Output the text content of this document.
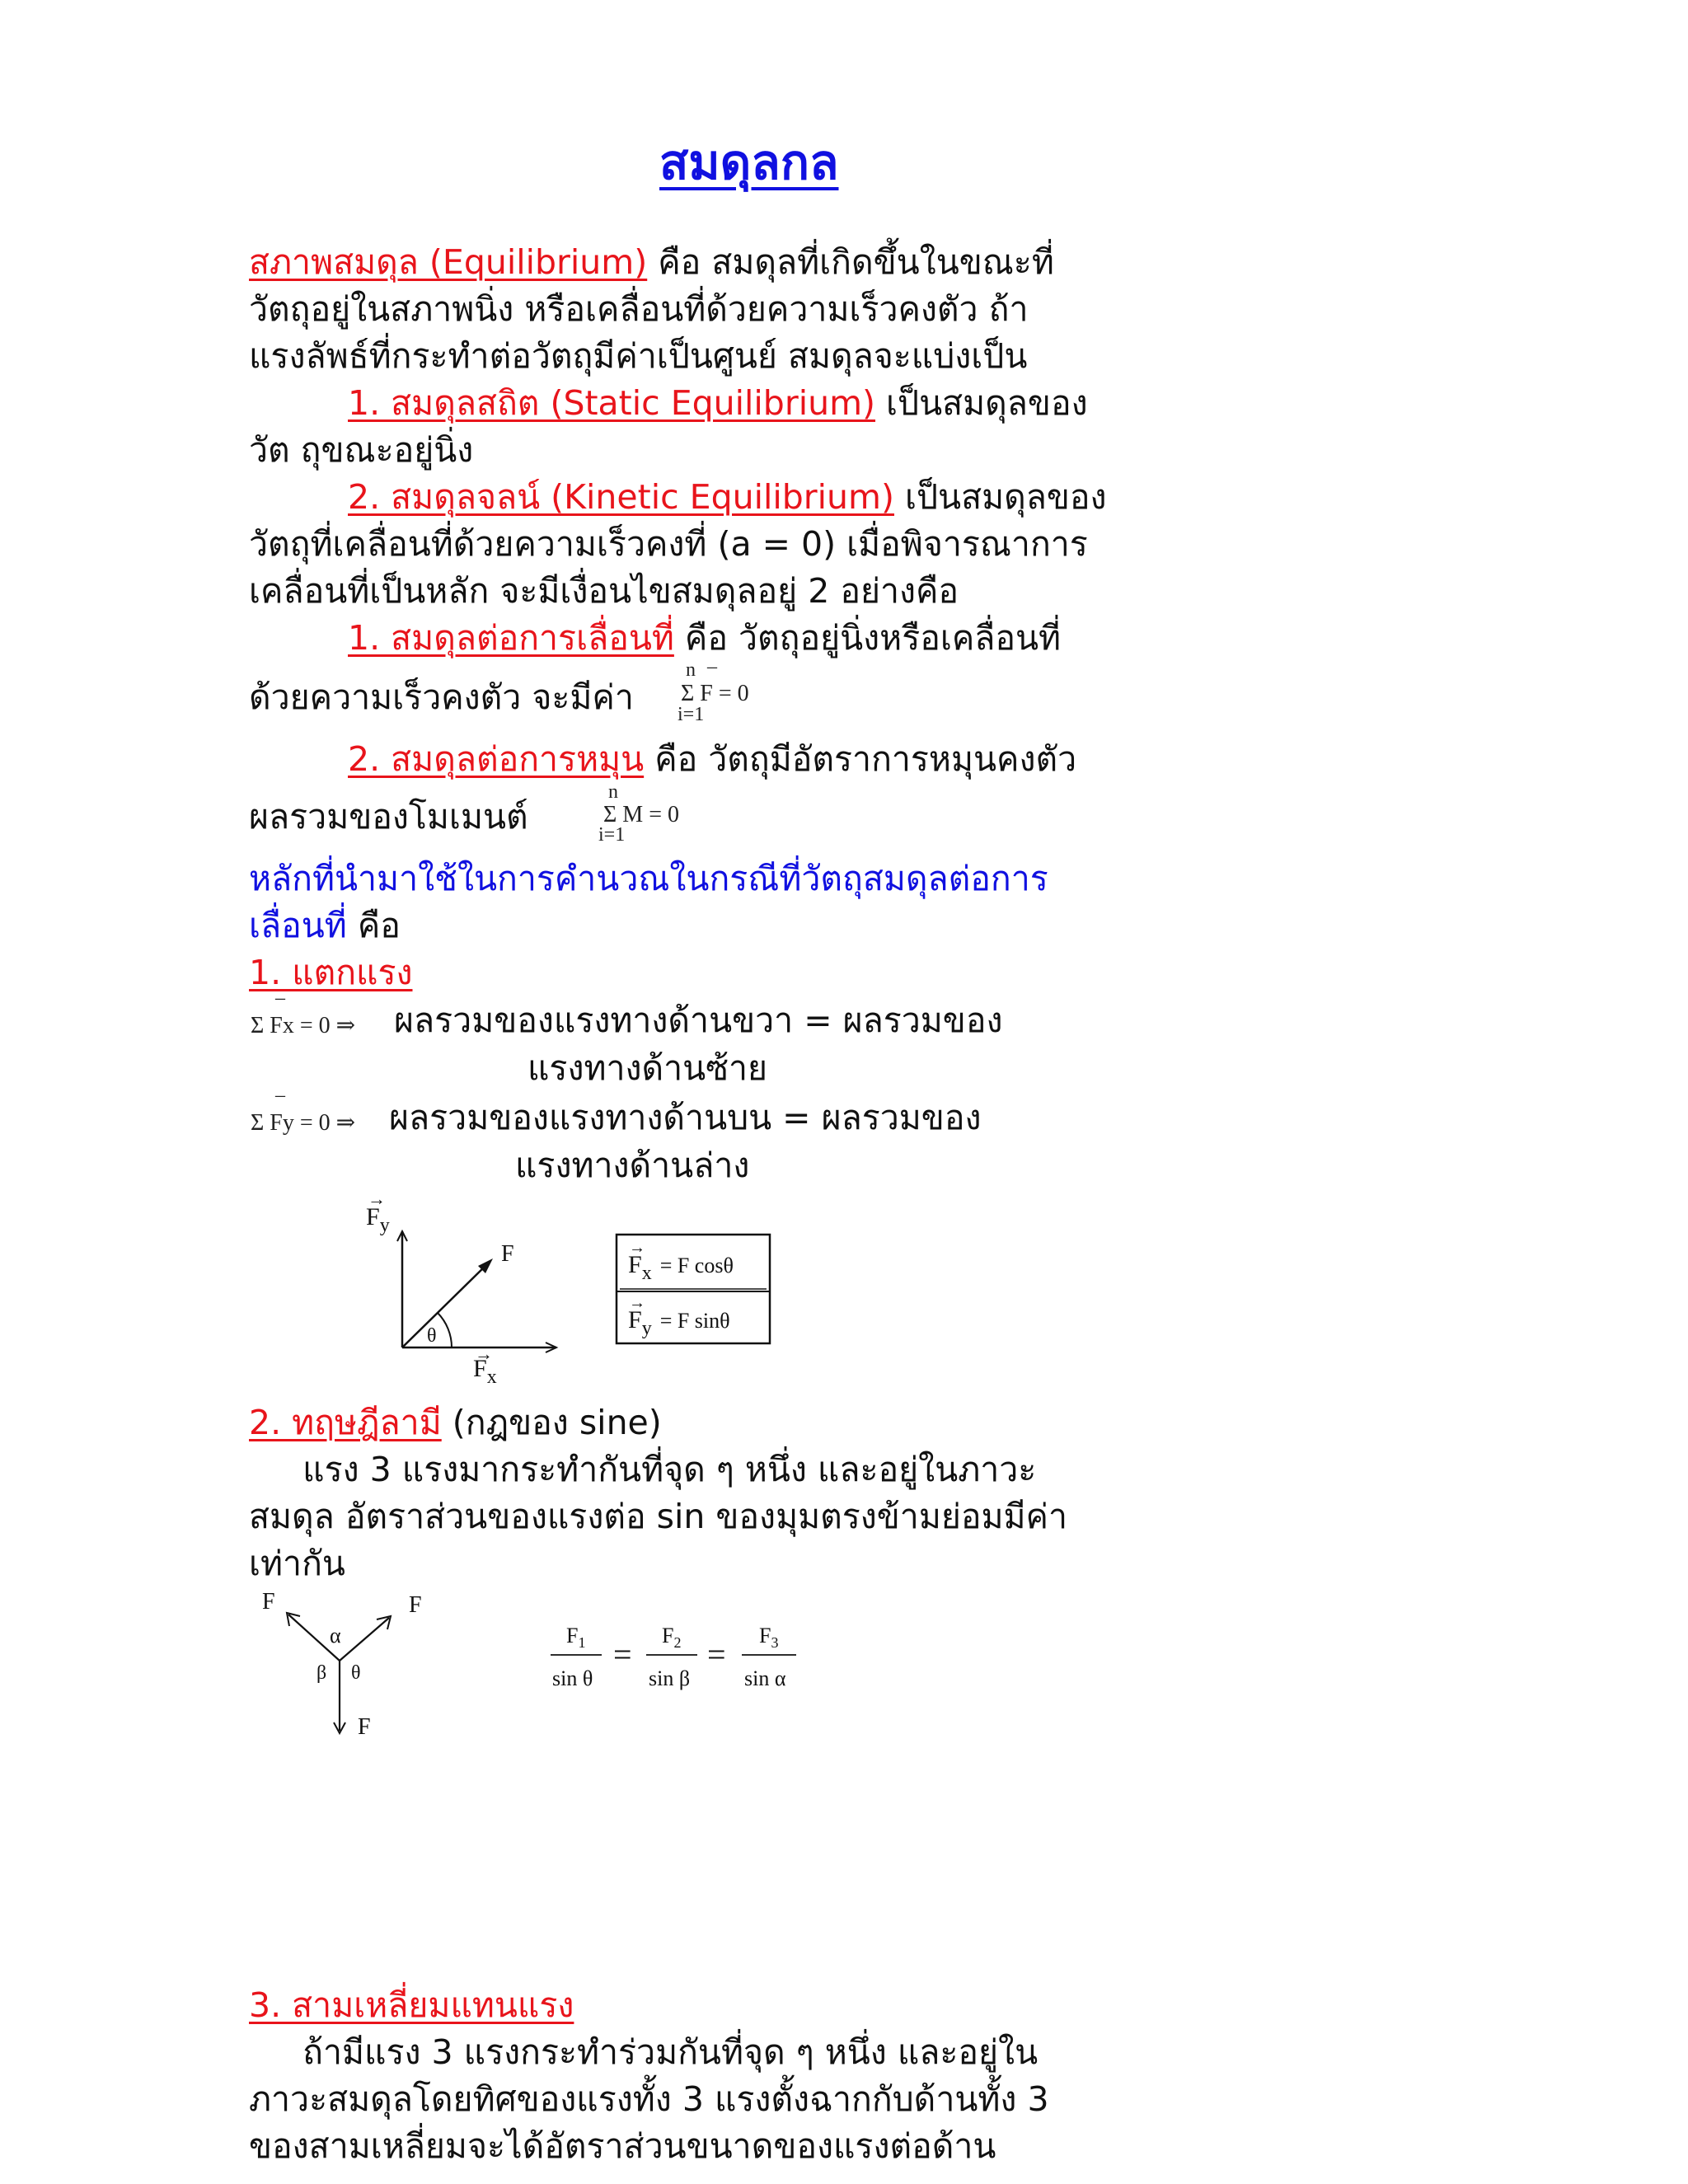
สมดุลกล
สภาพสมดุล (Equilibrium) คือ สมดุลที่เกิดขึ้นในขณะที่
วัตถุอยู่ในสภาพนิ่ง หรือเคลื่อนที่ด้วยความเร็วคงตัว ถ้า
แรงลัพธ์ที่กระทำต่อวัตถุมีค่าเป็นศูนย์ สมดุลจะแบ่งเป็น
1. สมดุลสถิต (Static Equilibrium) เป็นสมดุลของ
วัต ถุขณะอยู่นิ่ง
2. สมดุลจลน์ (Kinetic Equilibrium) เป็นสมดุลของ
วัตถุที่เคลื่อนที่ด้วยความเร็วคงที่ (a = 0) เมื่อพิจารณาการ
เคลื่อนที่เป็นหลัก จะมีเงื่อนไขสมดุลอยู่ 2 อย่างคือ
1. สมดุลต่อการเลื่อนที่ คือ วัตถุอยู่นิ่งหรือเคลื่อนที่
ด้วยความเร็วคงตัว จะมีค่า
n –
Σ F = 0
i=1
2. สมดุลต่อการหมุน คือ วัตถุมีอัตราการหมุนคงตัว
ผลรวมของโมเมนต์
n
Σ M = 0
i=1
หลักที่นำมาใช้ในการคำนวณในกรณีที่วัตถุสมดุลต่อการ
เลื่อนที่ คือ
1. แตกแรง
–
Σ Fx = 0 ⇒ ผลรวมของแรงทางด้านขวา = ผลรวมของ
แรงทางด้านซ้าย
–
Σ Fy = 0 ⇒ ผลรวมของแรงทางด้านบน = ผลรวมของ
แรงทางด้านล่าง
$F_y$
→
F
θ
$F_x$
→
→
$F_x = F$ cosθ
→
$F_y = F$ sinθ
2. ทฤษฎีลามี (กฎของ sine)
แรง 3 แรงมากระทำกันที่จุด ๆ หนึ่ง และอยู่ในภาวะ
สมดุล อัตราส่วนของแรงต่อ sin ของมุมตรงข้ามย่อมมีค่า
เท่ากัน
F	F
F
α
β θ
$F_1$
sin θ
=
$F_2$
sin β
=
$F_3$
sin α
3. สามเหลี่ยมแทนแรง
ถ้ามีแรง 3 แรงกระทำร่วมกันที่จุด ๆ หนึ่ง และอยู่ใน
ภาวะสมดุลโดยทิศของแรงทั้ง 3 แรงตั้งฉากกับด้านทั้ง 3
ของสามเหลี่ยมจะได้อัตราส่วนขนาดของแรงต่อด้าน
